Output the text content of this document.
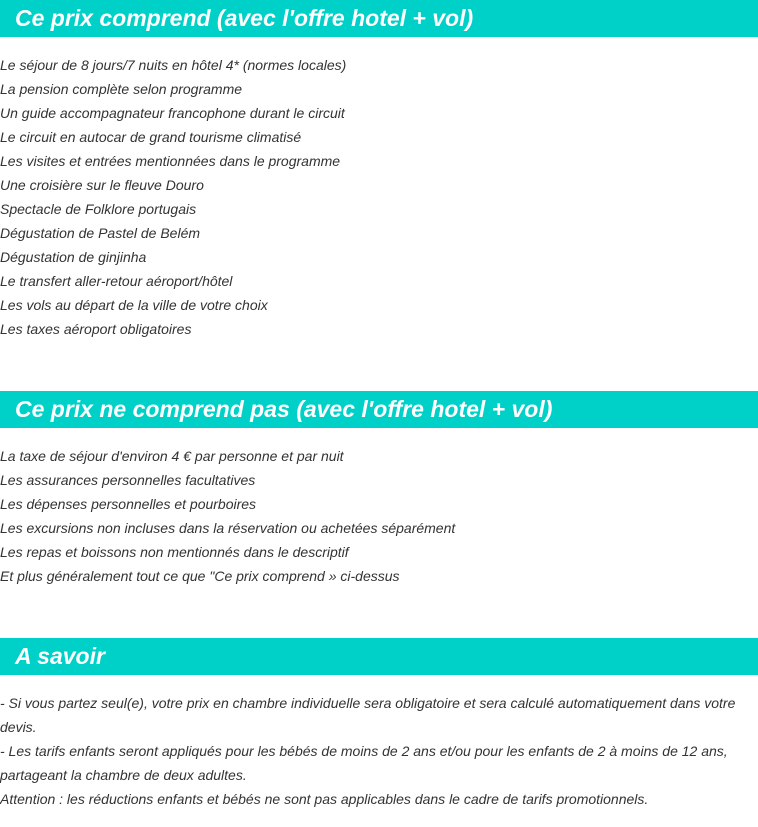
Ce prix comprend (avec l'offre hotel + vol)
Le séjour de 8 jours/7 nuits en hôtel 4* (normes locales)
La pension complète selon programme
Un guide accompagnateur francophone durant le circuit
Le circuit en autocar de grand tourisme climatisé
Les visites et entrées mentionnées dans le programme
Une croisière sur le fleuve Douro
Spectacle de Folklore portugais
Dégustation de Pastel de Belém
Dégustation de ginjinha
Le transfert aller-retour aéroport/hôtel
Les vols au départ de la ville de votre choix
Les taxes aéroport obligatoires
Ce prix ne comprend pas (avec l'offre hotel + vol)
La taxe de séjour d'environ 4 € par personne et par nuit
Les assurances personnelles facultatives
Les dépenses personnelles et pourboires
Les excursions non incluses dans la réservation ou achetées séparément
Les repas et boissons non mentionnés dans le descriptif
Et plus généralement tout ce que "Ce prix comprend » ci-dessus
A savoir

- Si vous partez seul(e), votre prix en chambre individuelle sera obligatoire et sera calculé automatiquement dans votre devis.

- Les tarifs enfants seront appliqués pour les bébés de moins de 2 ans et/ou pour les enfants de 2 à moins de 12 ans, partageant la chambre de deux adultes.

Attention : les réductions enfants et bébés ne sont pas applicables dans le cadre de tarifs promotionnels.
